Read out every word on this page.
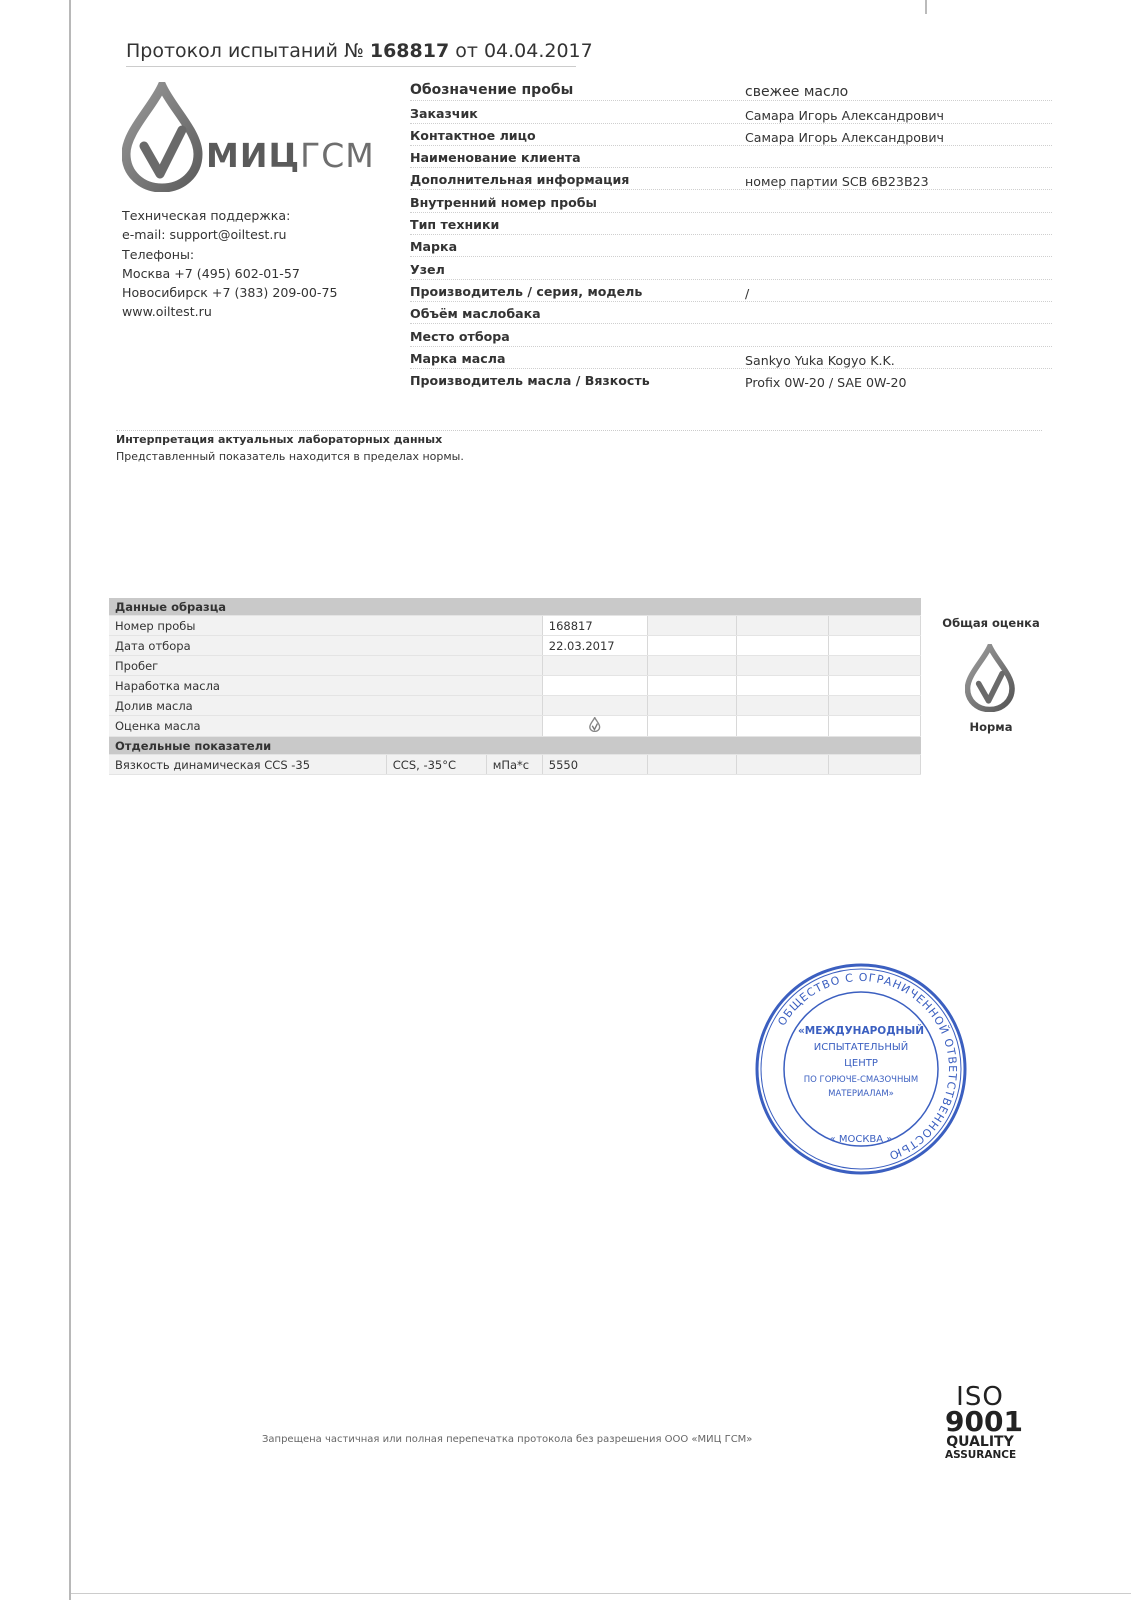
Протокол испытаний № 168817 от 04.04.2017
МИЦГСМ
Техническая поддержка:
e-mail: support@oiltest.ru
Телефоны:
Москва +7 (495) 602-01-57
Новосибирск +7 (383) 209-00-75
www.oiltest.ru
Обозначение пробы	свежее масло
Заказчик	Самара Игорь Александрович
Контактное лицо	Самара Игорь Александрович
Наименование клиента
Дополнительная информация	номер партии SCB 6B23B23
Внутренний номер пробы
Тип техники
Марка
Узел
Производитель / серия, модель	/
Объём маслобака
Место отбора
Марка масла	Sankyo Yuka Kogyo K.K.
Производитель масла / Вязкость	Profix 0W-20 / SAE 0W-20
Интерпретация актуальных лабораторных данных
Представленный показатель находится в пределах нормы.
Данные образца						
Номер пробы			168817			
Дата отбора			22.03.2017			
Пробег						
Наработка масла						
Долив масла						
Оценка масла				
Отдельные показатели						
Вязкость динамическая CCS -35	CCS, -35°C	мПа*с	5550			
Общая оценка
Норма
ОБЩЕСТВО С ОГРАНИЧЕННОЙ ОТВЕТСТВЕННОСТЬЮ
« МОСКВА »
«МЕЖДУНАРОДНЫЙ
ИСПЫТАТЕЛЬНЫЙ
ЦЕНТР
ПО ГОРЮЧЕ-СМАЗОЧНЫМ
МАТЕРИАЛАМ»
Запрещена частичная или полная перепечатка протокола без разрешения ООО «МИЦ ГСМ»
ISO
9001
QUALITY
ASSURANCE
